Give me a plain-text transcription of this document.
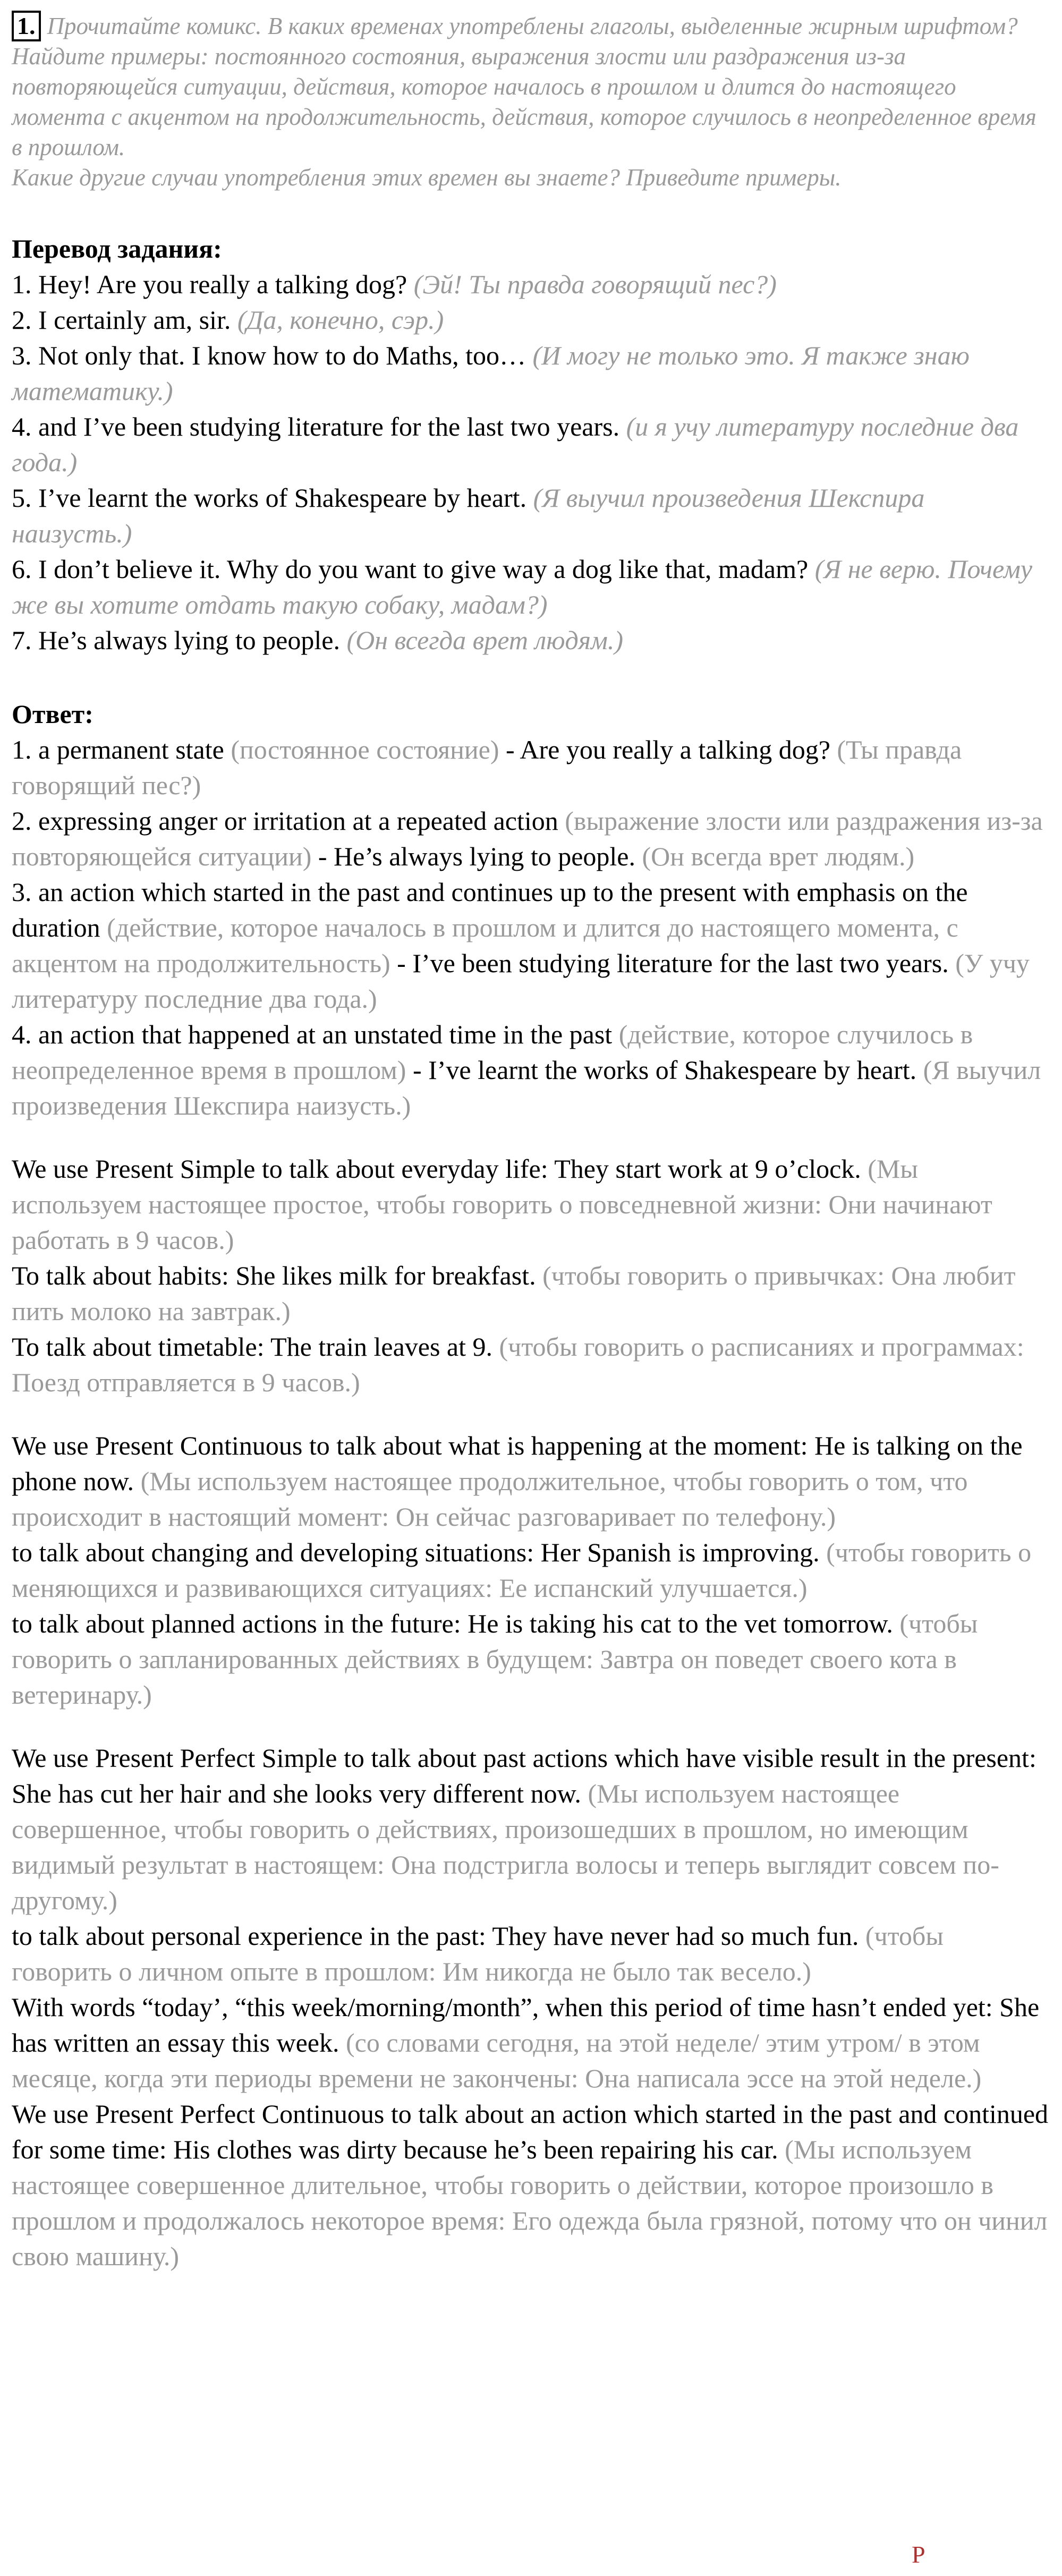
1. Прочитайте комикс. В каких временах употреблены глаголы, выделенные жирным шрифтом? Найдите примеры: постоянного состояния, выражения злости или раздражения из-за повторяющейся ситуации, действия, которое началось в прошлом и длится до настоящего момента с акцентом на продолжительность, действия, которое случилось в неопределенное время в прошлом.
Какие другие случаи употребления этих времен вы знаете? Приведите примеры.
Перевод задания:

1. Hey! Are you really a talking dog? (Эй! Ты правда говорящий пес?)

2. I certainly am, sir. (Да, конечно, сэр.)

3. Not only that. I know how to do Maths, too… (И могу не только это. Я также знаю математику.)

4. and I’ve been studying literature for the last two years. (и я учу литературу последние два года.)

5. I’ve learnt the works of Shakespeare by heart. (Я выучил произведения Шекспира наизусть.)

6. I don’t believe it. Why do you want to give way a dog like that, madam? (Я не верю. Почему же вы хотите отдать такую собаку, мадам?)

7. He’s always lying to people. (Он всегда врет людям.)

Ответ:

1. a permanent state (постоянное состояние) - Are you really a talking dog? (Ты правда говорящий пес?)

2. expressing anger or irritation at a repeated action (выражение злости или раздражения из-за повторяющейся ситуации) - He’s always lying to people. (Он всегда врет людям.)

3. an action which started in the past and continues up to the present with emphasis on the duration (действие, которое началось в прошлом и длится до настоящего момента, с акцентом на продолжительность) - I’ve been studying literature for the last two years. (У учу литературу последние два года.)

4. an action that happened at an unstated time in the past (действие, которое случилось в неопределенное время в прошлом) - I’ve learnt the works of Shakespeare by heart. (Я выучил произведения Шекспира наизусть.)

We use Present Simple to talk about everyday life: They start work at 9 o’clock. (Мы используем настоящее простое, чтобы говорить о повседневной жизни: Они начинают работать в 9 часов.)

To talk about habits: She likes milk for breakfast. (чтобы говорить о привычках: Она любит пить молоко на завтрак.)

To talk about timetable: The train leaves at 9. (чтобы говорить о расписаниях и программах: Поезд отправляется в 9 часов.)

We use Present Continuous to talk about what is happening at the moment: He is talking on the phone now. (Мы используем настоящее продолжительное, чтобы говорить о том, что происходит в настоящий момент: Он сейчас разговаривает по телефону.)

to talk about changing and developing situations: Her Spanish is improving. (чтобы говорить о меняющихся и развивающихся ситуациях: Ее испанский улучшается.)

to talk about planned actions in the future: He is taking his cat to the vet tomorrow. (чтобы говорить о запланированных действиях в будущем: Завтра он поведет своего кота в ветеринару.)

We use Present Perfect Simple to talk about past actions which have visible result in the present: She has cut her hair and she looks very different now. (Мы используем настоящее совершенное, чтобы говорить о действиях, произошедших в прошлом, но имеющим видимый результат в настоящем: Она подстригла волосы и теперь выглядит совсем по-другому.)

to talk about personal experience in the past: They have never had so much fun. (чтобы говорить о личном опыте в прошлом: Им никогда не было так весело.)

With words “today’, “this week/morning/month”, when this period of time hasn’t ended yet: She has written an essay this week. (со словами сегодня, на этой неделе/ этим утром/ в этом месяце, когда эти периоды времени не закончены: Она написала эссе на этой неделе.)

We use Present Perfect Continuous to talk about an action which started in the past and continued for some time: His clothes was dirty because he’s been repairing his car. (Мы используем настоящее совершенное длительное, чтобы говорить о действии, которое произошло в прошлом и продолжалось некоторое время: Его одежда была грязной, потому что он чинил свою машину.)

P
